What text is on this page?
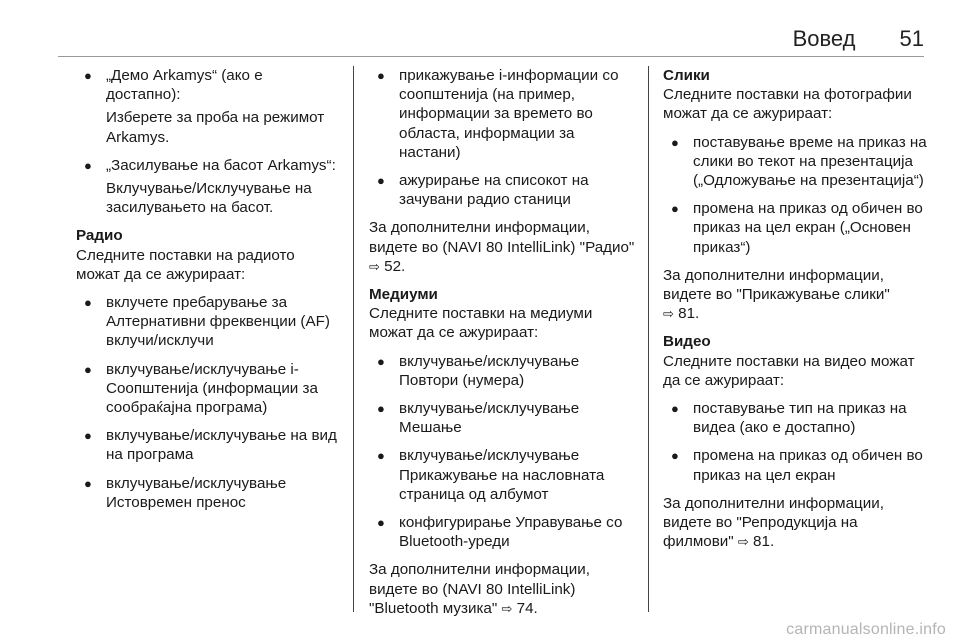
Вовед 51
● „Демо Arkamys“ (ако е достапно):
Изберете за проба на режимот Arkamys.
● „Засилување на басот Arkamys“:
Вклучување/Исклучување на засилувањето на басот.
Радио

Следните поставки на радиото можат да се ажурираат:

● вклучете пребарување за Алтернативни фреквенции (AF) вклучи/исклучи
● вклучување/исклучување i-Соопштенија (информации за сообраќајна програма)
● вклучување/исклучување на вид на програма
● вклучување/исклучување Истовремен пренос
● прикажување i-информации со соопштенија (на пример, информации за времето во областа, информации за настани)
● ажурирање на списокот на зачувани радио станици

За дополнителни информации, видете во (NAVI 80 IntelliLink) "Радио" ⇨ 52.

Медиуми

Следните поставки на медиуми можат да се ажурираат:

● вклучување/исклучување Повтори (нумера)
● вклучување/исклучување Мешање
● вклучување/исклучување Прикажување на насловната страница од албумот
● конфигурирање Управување со Bluetooth-уреди

За дополнителни информации, видете во (NAVI 80 IntelliLink) "Bluetooth музика" ⇨ 74.

Слики

Следните поставки на фотографии можат да се ажурираат:

● поставување време на приказ на слики во текот на презентација („Одложување на презентација“)
● промена на приказ од обичен во приказ на цел екран („Основен приказ“)

За дополнителни информации, видете во "Прикажување слики"
⇨ 81.

Видео

Следните поставки на видео можат да се ажурираат:

● поставување тип на приказ на видеа (ако е достапно)
● промена на приказ од обичен во приказ на цел екран

За дополнителни информации, видете во "Репродукција на филмови" ⇨ 81.

carmanualsonline.info
